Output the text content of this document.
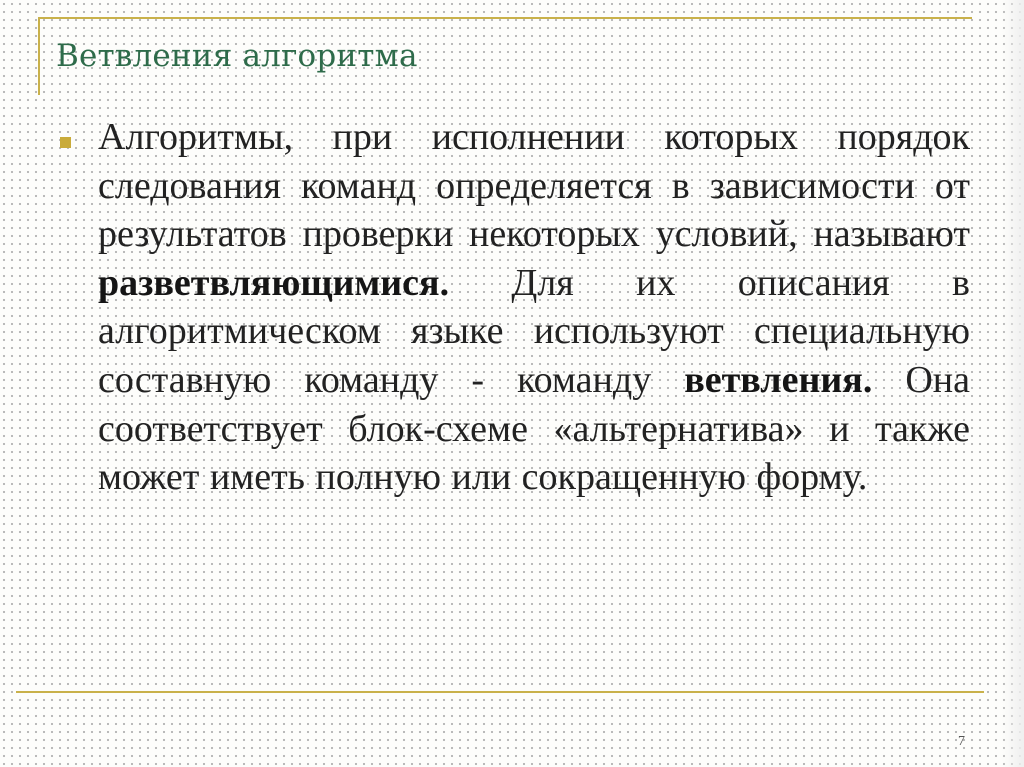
Ветвления алгоритма
Алгоритмы, при исполнении которых порядок следования команд определяется в зависимости от результатов проверки некоторых условий, называют разветвляющимися. Для их описания в алгоритмическом языке используют специальную составную команду - команду ветвления. Она соответствует блок-схеме «альтернатива» и также может иметь полную или сокращенную форму.
7
